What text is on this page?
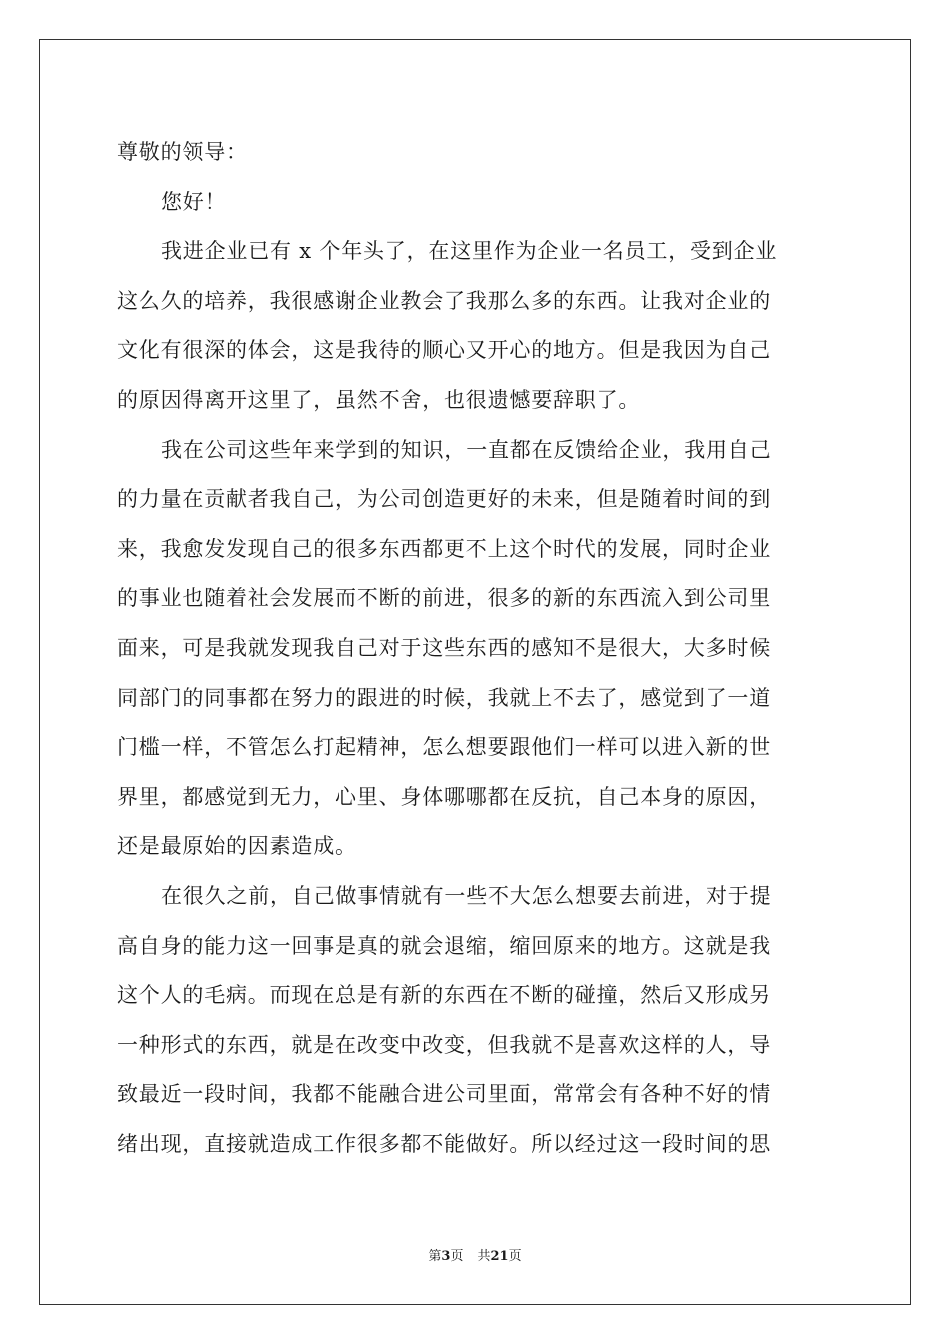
尊敬的领导：
您好！
我进企业已有 x 个年头了，在这里作为企业一名员工，受到企业
这么久的培养，我很感谢企业教会了我那么多的东西。让我对企业的
文化有很深的体会，这是我待的顺心又开心的地方。但是我因为自己
的原因得离开这里了，虽然不舍，也很遗憾要辞职了。
我在公司这些年来学到的知识，一直都在反馈给企业，我用自己
的力量在贡献者我自己，为公司创造更好的未来，但是随着时间的到
来，我愈发发现自己的很多东西都更不上这个时代的发展，同时企业
的事业也随着社会发展而不断的前进，很多的新的东西流入到公司里
面来，可是我就发现我自己对于这些东西的感知不是很大，大多时候
同部门的同事都在努力的跟进的时候，我就上不去了，感觉到了一道
门槛一样，不管怎么打起精神，怎么想要跟他们一样可以进入新的世
界里，都感觉到无力，心里、身体哪哪都在反抗，自己本身的原因，
还是最原始的因素造成。
在很久之前，自己做事情就有一些不大怎么想要去前进，对于提
高自身的能力这一回事是真的就会退缩，缩回原来的地方。这就是我
这个人的毛病。而现在总是有新的东西在不断的碰撞，然后又形成另
一种形式的东西，就是在改变中改变，但我就不是喜欢这样的人，导
致最近一段时间，我都不能融合进公司里面，常常会有各种不好的情
绪出现，直接就造成工作很多都不能做好。所以经过这一段时间的思
第3页 共21页
